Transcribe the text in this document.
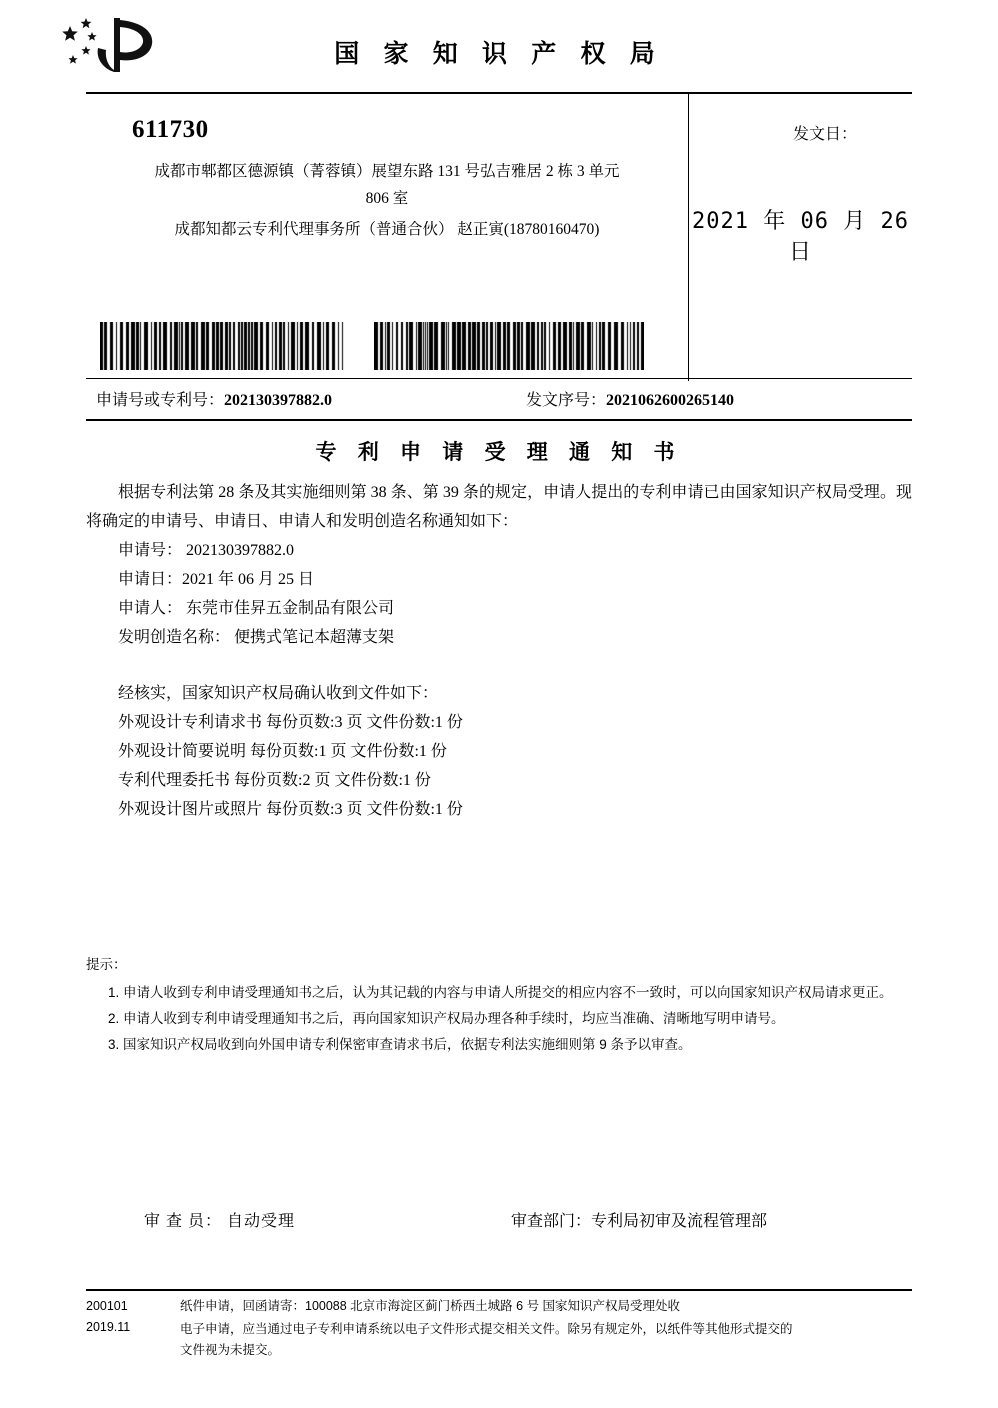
国 家 知 识 产 权 局
611730
成都市郫都区德源镇（菁蓉镇）展望东路 131 号弘吉雅居 2 栋 3 单元
806 室
成都知都云专利代理事务所（普通合伙） 赵正寅(18780160470)
发文日：
2021 年 06 月 26 日
申请号或专利号：202130397882.0	发文序号：2021062600265140
专 利 申 请 受 理 通 知 书
根据专利法第 28 条及其实施细则第 38 条、第 39 条的规定，申请人提出的专利申请已由国家知识产权局受理。现将确定的申请号、申请日、申请人和发明创造名称通知如下：
申请号： 202130397882.0
申请日：2021 年 06 月 25 日
申请人： 东莞市佳昇五金制品有限公司
发明创造名称： 便携式笔记本超薄支架
经核实，国家知识产权局确认收到文件如下：
外观设计专利请求书 每份页数:3 页 文件份数:1 份
外观设计简要说明 每份页数:1 页 文件份数:1 份
专利代理委托书 每份页数:2 页 文件份数:1 份
外观设计图片或照片 每份页数:3 页 文件份数:1 份
提示：
1. 申请人收到专利申请受理通知书之后，认为其记载的内容与申请人所提交的相应内容不一致时，可以向国家知识产权局请求更正。
2. 申请人收到专利申请受理通知书之后，再向国家知识产权局办理各种手续时，均应当准确、清晰地写明申请号。
3. 国家知识产权局收到向外国申请专利保密审查请求书后，依据专利法实施细则第 9 条予以审查。
审 查 员： 自动受理	审查部门：专利局初审及流程管理部
200101
2019.11
纸件申请，回函请寄：100088 北京市海淀区蓟门桥西土城路 6 号 国家知识产权局受理处收
电子申请，应当通过电子专利申请系统以电子文件形式提交相关文件。除另有规定外，以纸件等其他形式提交的
文件视为未提交。
